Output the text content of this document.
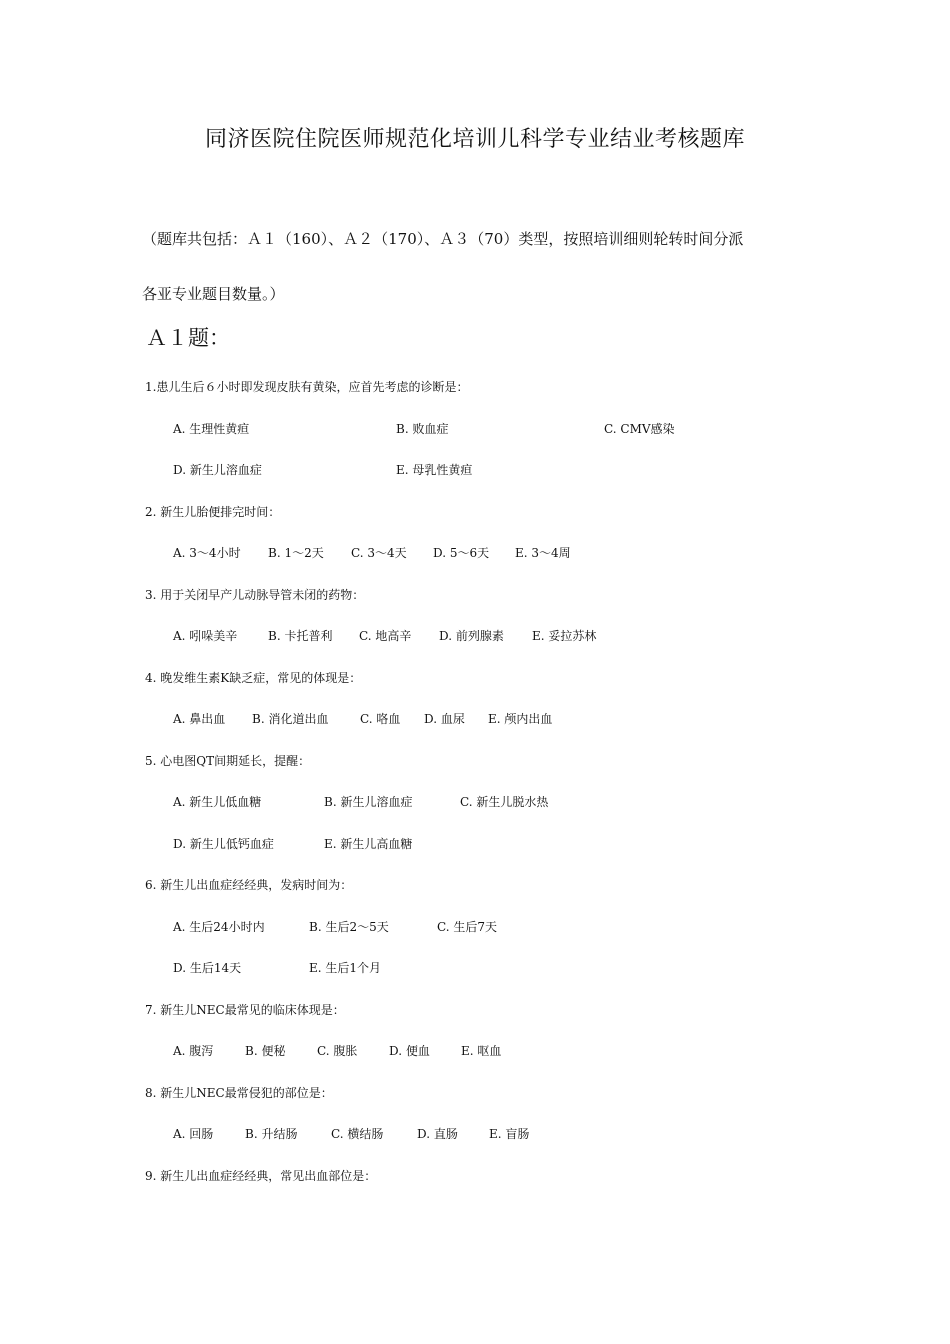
同济医院住院医师规范化培训儿科学专业结业考核题库
（题库共包括：Ａ１（160）、Ａ２（170）、Ａ３（70）类型，按照培训细则轮转时间分派
各亚专业题目数量。）
Ａ１题：
1.患儿生后６小时即发现皮肤有黄染，应首先考虑的诊断是：
A. 生理性黄疸	B. 败血症	C. CMV感染
D. 新生儿溶血症	E. 母乳性黄疸
2. 新生儿胎便排完时间：
A. 3～4小时 B. 1～2天 C. 3～4天 D. 5～6天 E. 3～4周
3. 用于关闭早产儿动脉导管未闭的药物：
A. 吲哚美辛	B. 卡托普利 C. 地高辛 D. 前列腺素 E. 妥拉苏林
4. 晚发维生素K缺乏症，常见的体现是：
A. 鼻出血 B. 消化道出血	C. 咯血 D. 血尿 E. 颅内出血
5. 心电图QT间期延长，提醒：
A. 新生儿低血糖	B. 新生儿溶血症	C. 新生儿脱水热
D. 新生儿低钙血症	E. 新生儿高血糖
6. 新生儿出血症经经典，发病时间为：
A. 生后24小时内	B. 生后2～5天	C. 生后7天
D. 生后14天	E. 生后1个月
7. 新生儿NEC最常见的临床体现是：
A. 腹泻	B. 便秘	C. 腹胀	D. 便血	E. 呕血
8. 新生儿NEC最常侵犯的部位是：
A. 回肠	B. 升结肠	C. 横结肠	D. 直肠	E. 盲肠
9. 新生儿出血症经经典，常见出血部位是：
